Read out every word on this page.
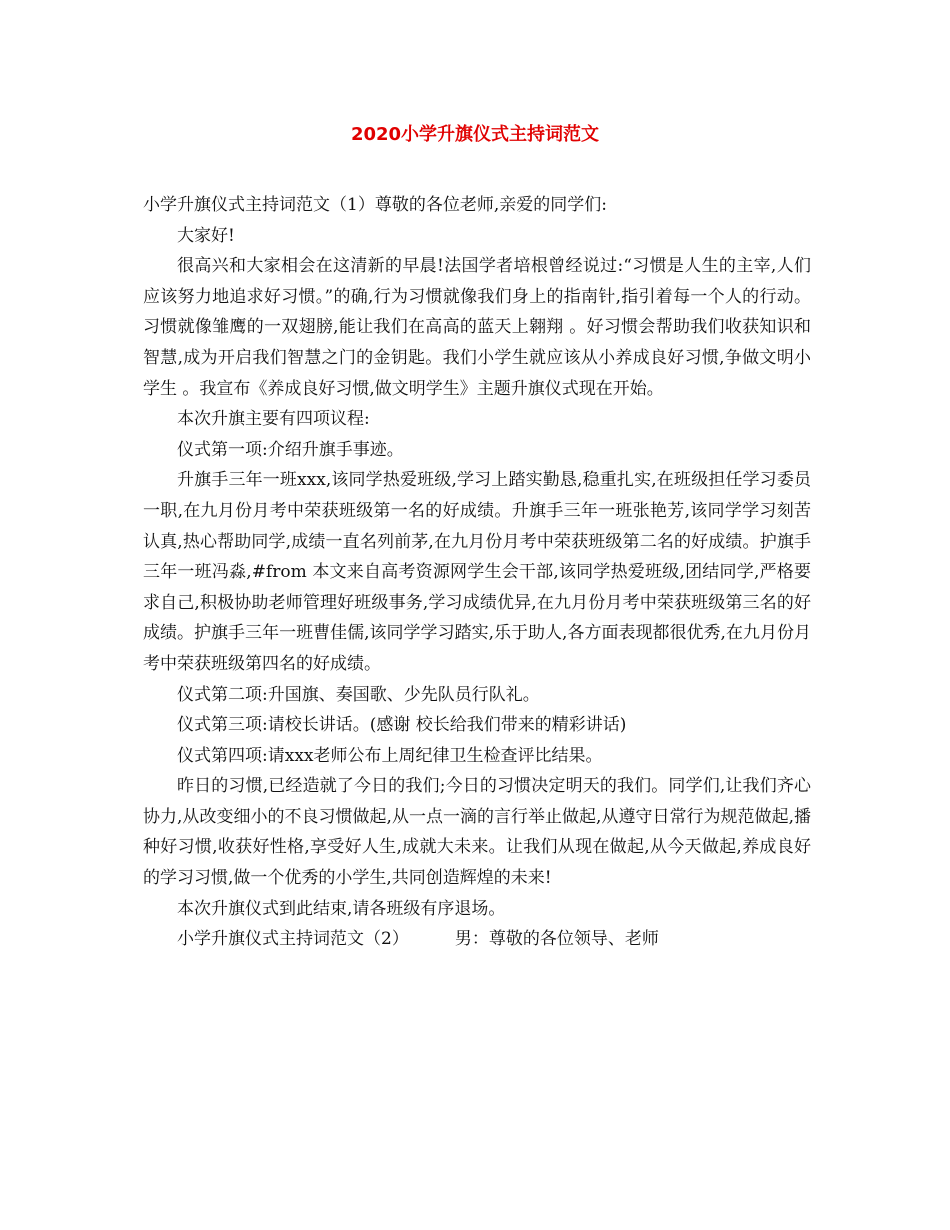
2020小学升旗仪式主持词范文

小学升旗仪式主持词范文（1）尊敬的各位老师,亲爱的同学们:

大家好!

很高兴和大家相会在这清新的早晨!法国学者培根曾经说过:“习惯是人生的主宰,人们应该努力地追求好习惯。”的确,行为习惯就像我们身上的指南针,指引着每一个人的行动。习惯就像雏鹰的一双翅膀,能让我们在高高的蓝天上翱翔 。好习惯会帮助我们收获知识和智慧,成为开启我们智慧之门的金钥匙。我们小学生就应该从小养成良好习惯,争做文明小学生 。我宣布《养成良好习惯,做文明学生》主题升旗仪式现在开始。

本次升旗主要有四项议程:

仪式第一项:介绍升旗手事迹。

升旗手三年一班xxx,该同学热爱班级,学习上踏实勤恳,稳重扎实,在班级担任学习委员一职,在九月份月考中荣获班级第一名的好成绩。升旗手三年一班张艳芳,该同学学习刻苦认真,热心帮助同学,成绩一直名列前茅,在九月份月考中荣获班级第二名的好成绩。护旗手三年一班冯淼,#from 本文来自高考资源网学生会干部,该同学热爱班级,团结同学,严格要求自己,积极协助老师管理好班级事务,学习成绩优异,在九月份月考中荣获班级第三名的好成绩。护旗手三年一班曹佳儒,该同学学习踏实,乐于助人,各方面表现都很优秀,在九月份月考中荣获班级第四名的好成绩。

仪式第二项:升国旗、奏国歌、少先队员行队礼。

仪式第三项:请校长讲话。(感谢 校长给我们带来的精彩讲话)

仪式第四项:请xxx老师公布上周纪律卫生检查评比结果。

昨日的习惯,已经造就了今日的我们;今日的习惯决定明天的我们。同学们,让我们齐心协力,从改变细小的不良习惯做起,从一点一滴的言行举止做起,从遵守日常行为规范做起,播种好习惯,收获好性格,享受好人生,成就大未来。让我们从现在做起,从今天做起,养成良好的学习习惯,做一个优秀的小学生,共同创造辉煌的未来!

本次升旗仪式到此结束,请各班级有序退场。

小学升旗仪式主持词范文（2）	男：尊敬的各位领导、老师
